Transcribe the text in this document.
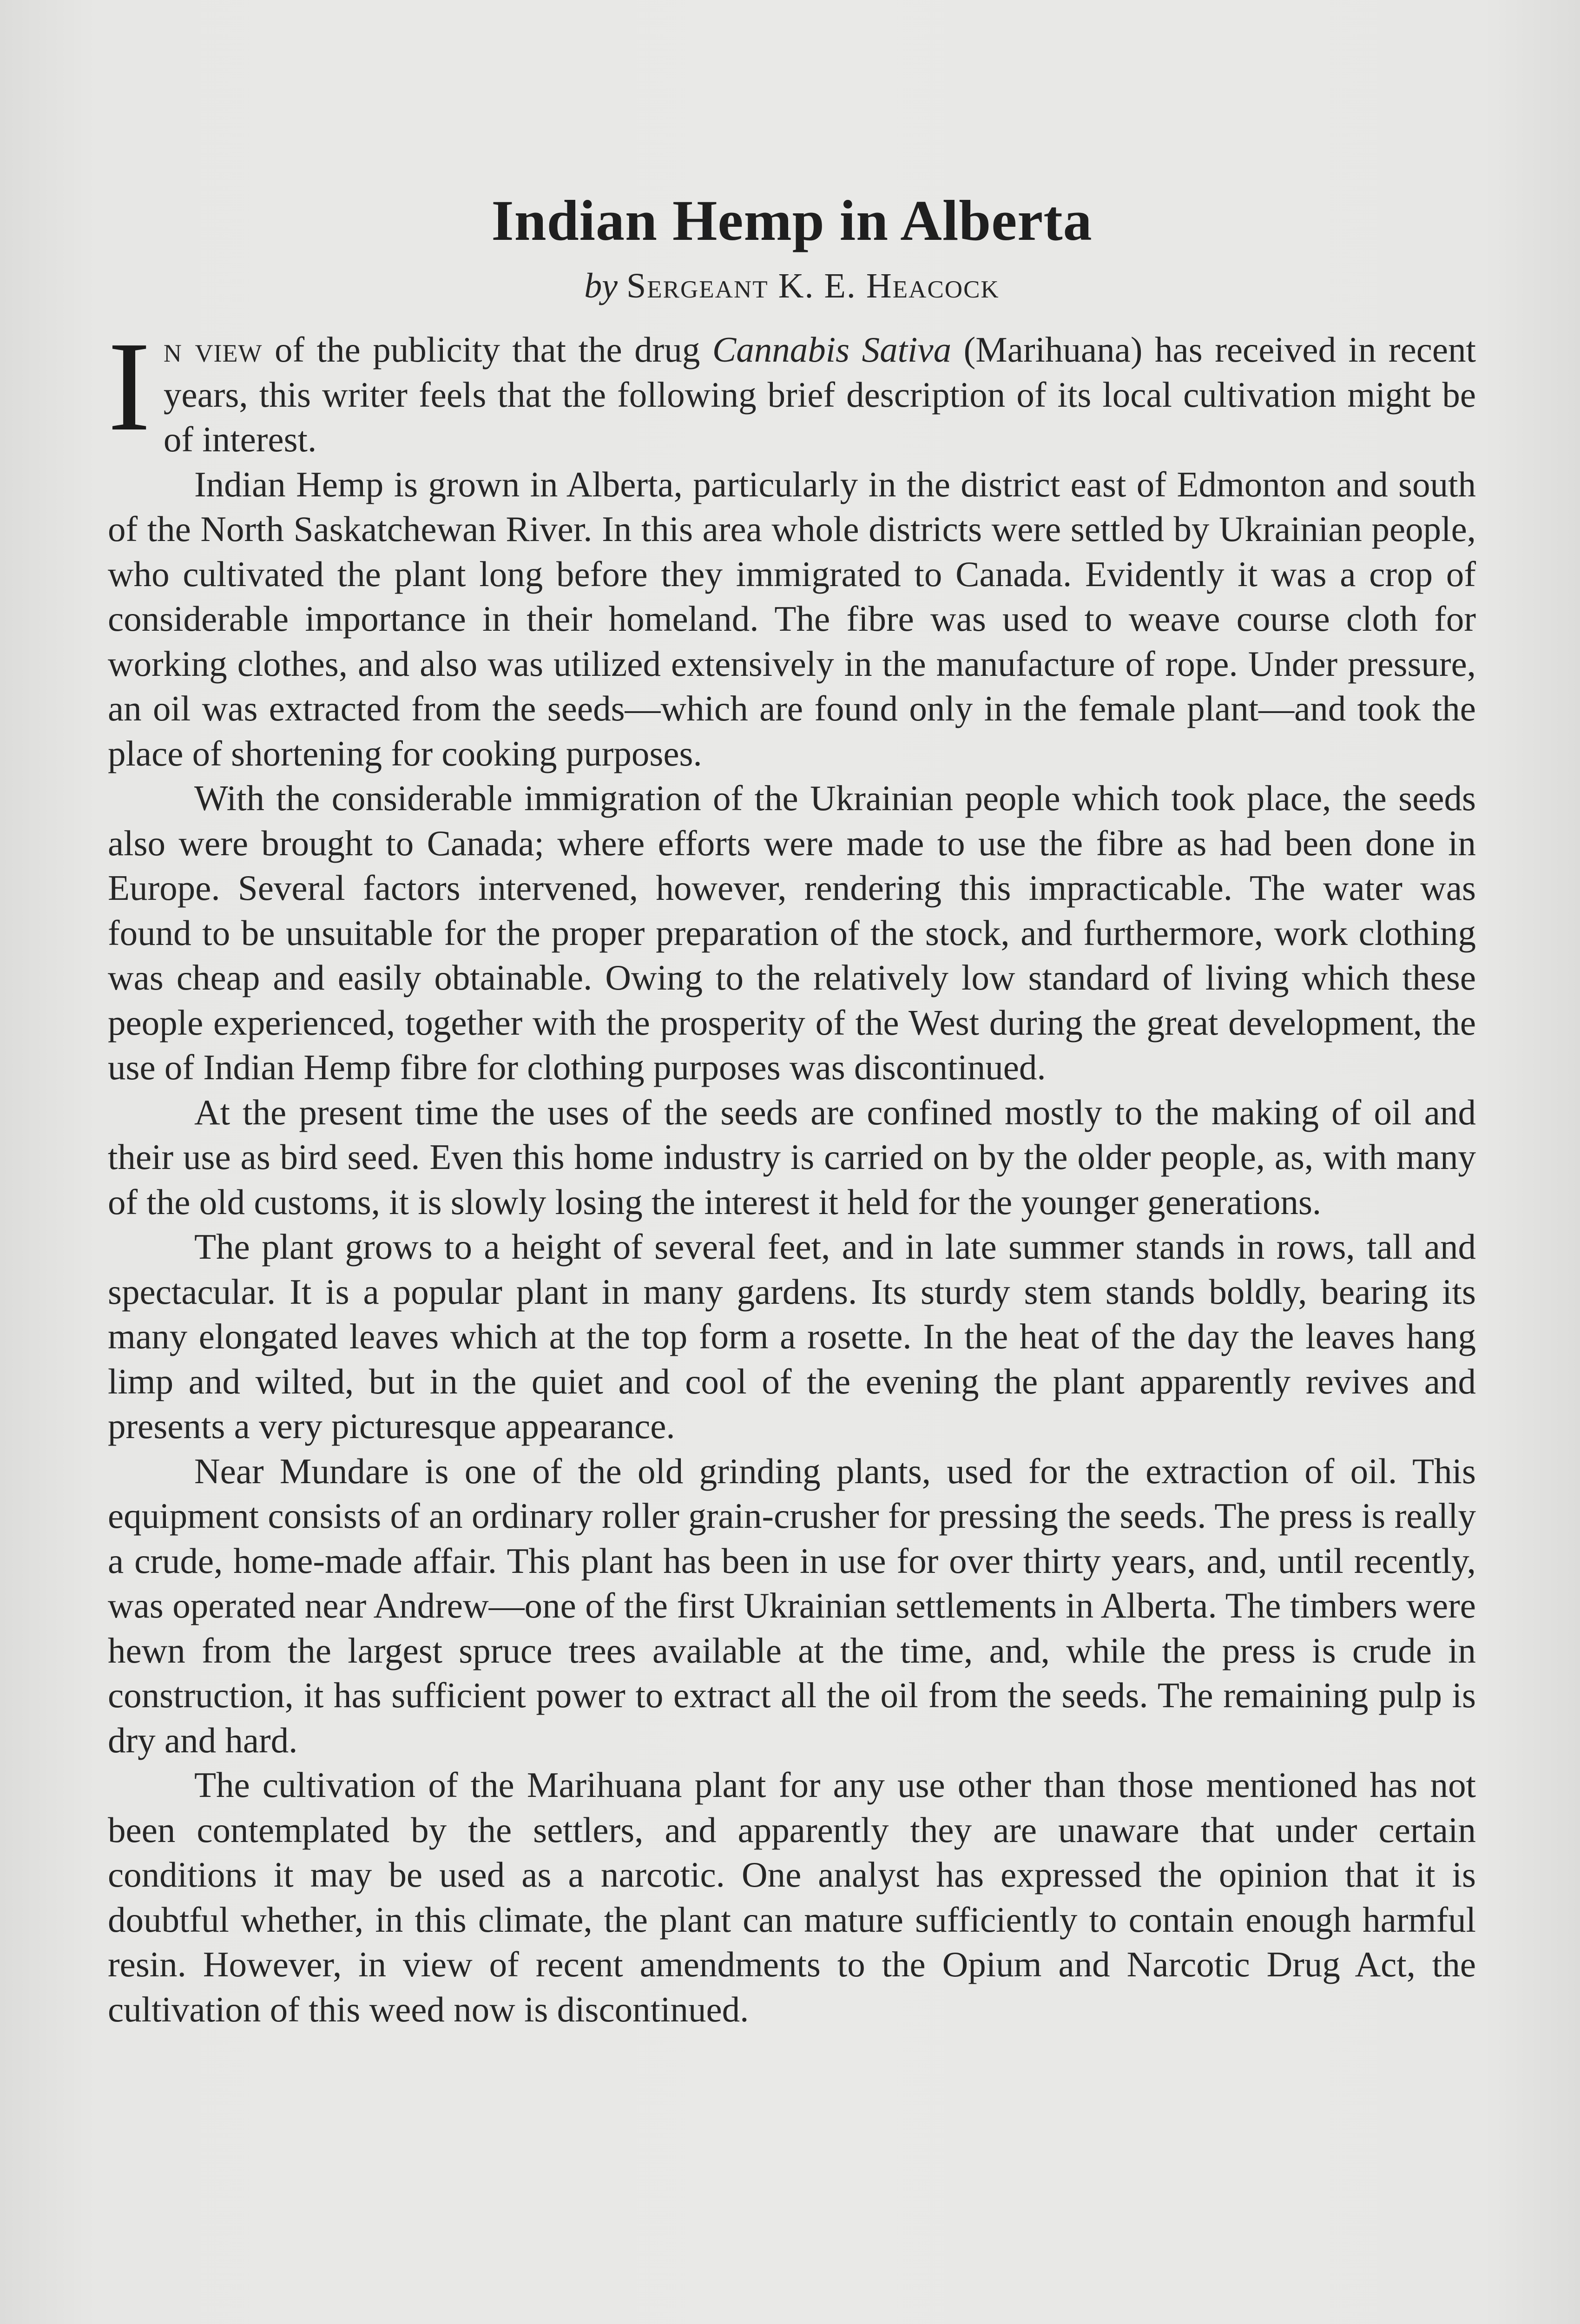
Indian Hemp in Alberta
by Sergeant K. E. Heacock

In view of the publicity that the drug Cannabis Sativa (Marihuana) has received in recent years, this writer feels that the following brief description of its local cultivation might be of interest.

Indian Hemp is grown in Alberta, particularly in the district east of Edmonton and south of the North Saskatchewan River. In this area whole districts were settled by Ukrainian people, who cultivated the plant long before they immigrated to Canada. Evidently it was a crop of considerable importance in their homeland. The fibre was used to weave course cloth for working clothes, and also was utilized extensively in the manufacture of rope. Under pressure, an oil was extracted from the seeds—which are found only in the female plant—and took the place of shortening for cooking purposes.

With the considerable immigration of the Ukrainian people which took place, the seeds also were brought to Canada; where efforts were made to use the fibre as had been done in Europe. Several factors intervened, however, rendering this impracticable. The water was found to be unsuitable for the proper preparation of the stock, and furthermore, work clothing was cheap and easily obtainable. Owing to the relatively low standard of living which these people experienced, together with the prosperity of the West during the great development, the use of Indian Hemp fibre for clothing purposes was discontinued.

At the present time the uses of the seeds are confined mostly to the making of oil and their use as bird seed. Even this home industry is carried on by the older people, as, with many of the old customs, it is slowly losing the interest it held for the younger generations.

The plant grows to a height of several feet, and in late summer stands in rows, tall and spectacular. It is a popular plant in many gardens. Its sturdy stem stands boldly, bearing its many elongated leaves which at the top form a rosette. In the heat of the day the leaves hang limp and wilted, but in the quiet and cool of the evening the plant apparently revives and presents a very picturesque appearance.

Near Mundare is one of the old grinding plants, used for the extraction of oil. This equipment consists of an ordinary roller grain-crusher for pressing the seeds. The press is really a crude, home-made affair. This plant has been in use for over thirty years, and, until recently, was operated near Andrew—one of the first Ukrainian settlements in Alberta. The timbers were hewn from the largest spruce trees available at the time, and, while the press is crude in construction, it has sufficient power to extract all the oil from the seeds. The remaining pulp is dry and hard.

The cultivation of the Marihuana plant for any use other than those mentioned has not been contemplated by the settlers, and apparently they are unaware that under certain conditions it may be used as a narcotic. One analyst has expressed the opinion that it is doubtful whether, in this climate, the plant can mature sufficiently to contain enough harmful resin. However, in view of recent amendments to the Opium and Narcotic Drug Act, the cultivation of this weed now is discontinued.
